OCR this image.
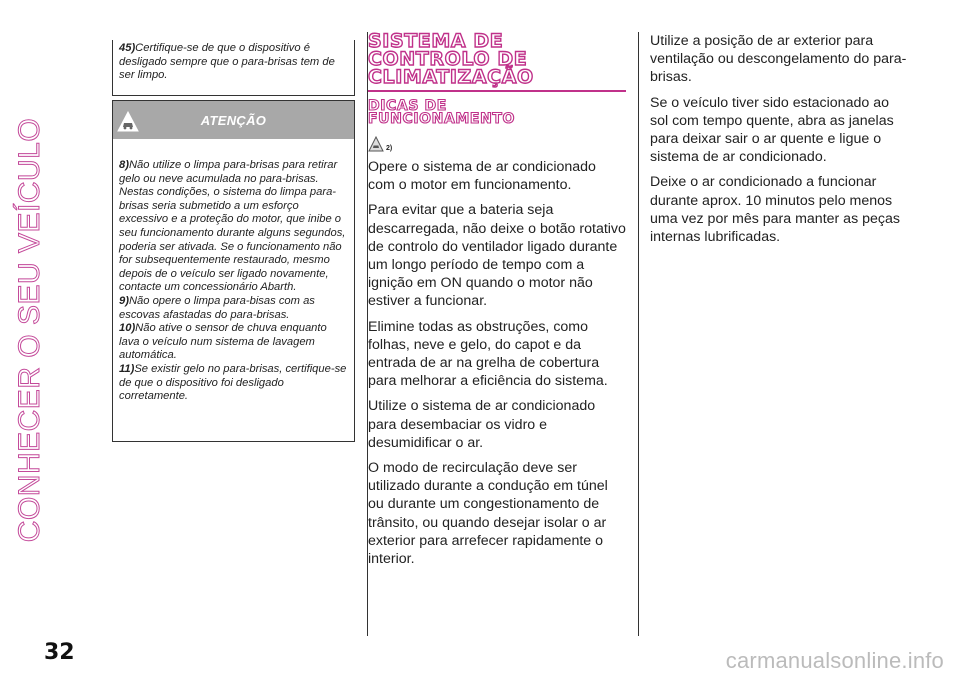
CONHECER O SEU VEÍCULO

45)Certifique-se de que o dispositivo é desligado sempre que o para-brisas tem de ser limpo.

ATENÇÃO

8)Não utilize o limpa para-brisas para retirar gelo ou neve acumulada no para-brisas. Nestas condições, o sistema do limpa para-brisas seria submetido a um esforço excessivo e a proteção do motor, que inibe o seu funcionamento durante alguns segundos, poderia ser ativada. Se o funcionamento não for subsequentemente restaurado, mesmo depois de o veículo ser ligado novamente, contacte um concessionário Abarth.

9)Não opere o limpa para-bisas com as escovas afastadas do para-brisas.

10)Não ative o sensor de chuva enquanto lava o veículo num sistema de lavagem automática.

11)Se existir gelo no para-brisas, certifique-se de que o dispositivo foi desligado corretamente.

SISTEMA DE
CONTROLO DE
CLIMATIZAÇÃO
DICAS DE
FUNCIONAMENTO
2)

Opere o sistema de ar condicionado com o motor em funcionamento.

Para evitar que a bateria seja descarregada, não deixe o botão rotativo de controlo do ventilador ligado durante um longo período de tempo com a ignição em ON quando o motor não estiver a funcionar.

Elimine todas as obstruções, como folhas, neve e gelo, do capot e da entrada de ar na grelha de cobertura para melhorar a eficiência do sistema.

Utilize o sistema de ar condicionado para desembaciar os vidro e desumidificar o ar.

O modo de recirculação deve ser utilizado durante a condução em túnel ou durante um congestionamento de trânsito, ou quando desejar isolar o ar exterior para arrefecer rapidamente o interior.

Utilize a posição de ar exterior para ventilação ou descongelamento do para-brisas.

Se o veículo tiver sido estacionado ao sol com tempo quente, abra as janelas para deixar sair o ar quente e ligue o sistema de ar condicionado.

Deixe o ar condicionado a funcionar durante aprox. 10 minutos pelo menos uma vez por mês para manter as peças internas lubrificadas.

32	carmanualsonline.info
